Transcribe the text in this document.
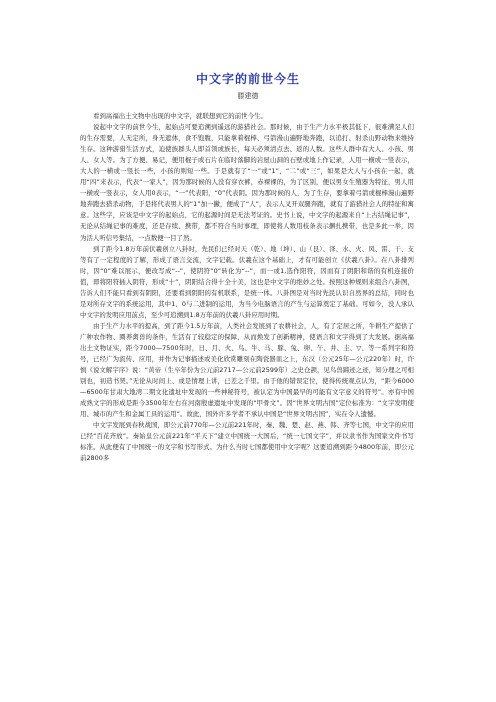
中文字的前世今生
滕建德

看到高福出土文物中出现的中文字，就联想到它的前世今生。

说起中文字的前世今生，起始点可要追溯到遥远的游猎社会。那时候，由于生产力水平极其低下，很难满足人们的生存需要，人无定所，身无遮体，食不饱腹，只能拿着棍棒、弓箭漫山遍野地奔跑，以追打、射杀山野动物来维持生存。这种游猎生活方式，迫使族群头人即首领或族长，每天必须清点去、返的人数。这些人群中有大人、小孩、男人、女人等。为了方便、易记，便用棍子或石片在临时落脚的岩屋山洞的石壁或地上作记录，人用一横或一竖表示，大人的一横或一竖长一些，小孩的则短一些。于是就有了“一”或“1”，“二”或“三”，如果是大人与小孩在一起，就用“四”来表示，代表“一家人”，因为那时候的人没有穿衣裤，赤裸裸的，为了区别，便以男女生殖器为特征，男人用一横或一竖表示，女人用0表示，“一”代表阳，“0”代表阴。因为那时候的人，为了生存，要拿着弓箭或棍棒漫山遍野地奔跑去猎杀动物，于是将代表男人的“1”加一撇，便成了“人”，表示人叉开双腿奔跑，就有了游猎社会人的特征和寓意。这些字，应该是中文字的起始点，它的起源时间是无法考证的。史书上说，中文字的起源来自“上古结绳记事”，无论从结绳记事的难度，还是存续、携带，都不符合当时事理，即使将人数用枝条表示捆扎携带，也是多此一举，因为活人听信号集结，一点数便一目了然。

到了距今1.8万年前伏羲创立八卦时，先民们已经对天（乾）、地（坤）、山（艮）、泽、水、火、风、雷、干、支等有了一定程度的了解，形成了语言交流，文字记载。伏羲在这个基础上，才有可能创立《伏羲八卦》。在八卦排列时，因“0”难以展示，便改写成“--”，使阴符“0”转化为“--”，而一或1,选作阳符，因而有了阴阳和谐的有机连接价值，即将阳符插入阴符，形成“十”，阴阳结合得十全十美，这也是中文字的绝妙之处。按照这种规则来组合八卦图，告诉人们不能只看到有阴阳，还要看到阴阳的有机联系，是统一体。八卦图是对当时先民认识自然界的总结，同时也是对所存文字的系统运用，其中1、0与二进制的运用，为当今电脑语言的产生与运算奠定了基础。可如今，没人承认中文字的发明应用前点，至少可追溯到1.8万年前的伏羲八卦应用时期。

由于生产力水平的提高，到了距今1.5万年前，人类社会发展到了农耕社会，人，有了定居之所，牛耕生产提供了广种农作物、圈养禽兽的条件，生活有了较稳定的保障，从而焕发了创新精神，使语言和文字得到了大发展。据高福出土文物证实，距今7000—7500年时，日、月、火、鸟、牛、马、豚、兔、卵、午、井、圭、▽、等一系列字和符号，已经广为流传、应用，并作为记事描述或美化欣赏雕刻在陶瓷器皿之上，东汉（公元25年—公元220年）时，许慎《说文解字序》说：“黄帝（生卒年份为公元前2717—公元前2599年）之史仓颉，见鸟兽蹄迹之迹，知分理之可相别也，初造书契。”无论从时间上、或是情理上讲，已差之千里。由于他的错误定位，使得传统观点认为，“距今6000—6500年甘肃大地湾二期文化遗址中发现的一些神秘符号，被认定为中国最早的可能有文字意义的符号”。亦有中国成熟文字的形成是距今3500年左右在河南殷虚遗址中发现的“甲骨文”。因“世界文明古国”定位标准为：“文字发明使用、城市的产生和金属工具的运用”。故此，国外许多学者不承认中国是“世界文明古国”，实在令人遗憾。

中文字发展到春秋战国，即公元前770年—公元前221年时，秦、魏、楚、赵、燕、韩、齐等七国，中文字的应用已经“百花齐放”。秦始皇公元前221年“平天下”建立中国统一大国后，“统一七国文字”，并以隶书作为国家文件书写标准。从此便有了中国统一的文字和书写形式。为什么当时七国都使用中文字呢？这要追溯到距今4800年前，即公元前2800多
